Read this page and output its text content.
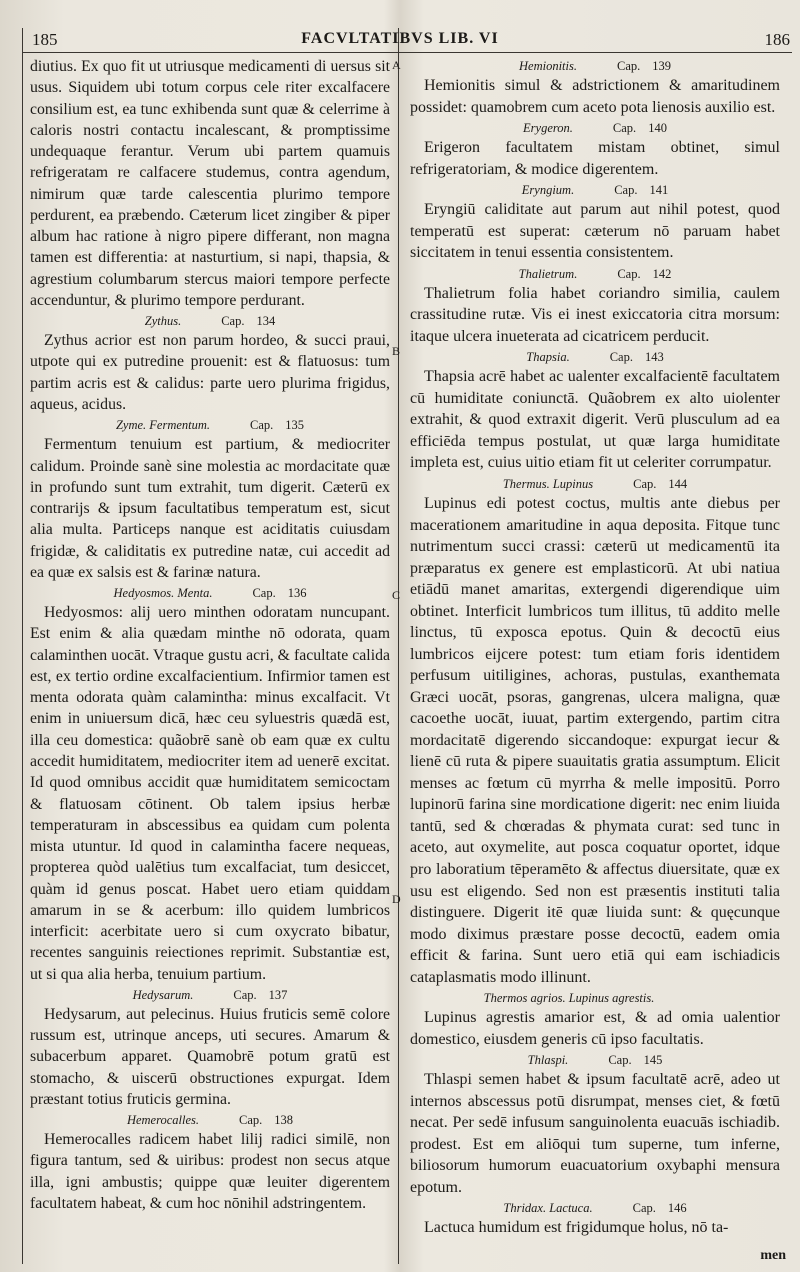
185	FACVLTATIBVS LIB. VI	186
A
B
C
D

diutius. Ex quo fit ut utriusque medicamenti di uersus sit usus. Siquidem ubi totum corpus cele riter excalfacere consilium est, ea tunc exhibenda sunt quæ & celerrime à caloris nostri contactu incalescant, & promptissime undequaque ferantur. Verum ubi partem quamuis refrigeratam re calfacere studemus, contra agendum, nimirum quæ tarde calescentia plurimo tempore perdurent, ea præbendo. Cæterum licet zingiber & piper album hac ratione à nigro pipere differant, non magna tamen est differentia: at nasturtium, si napi, thapsia, & agrestium columbarum stercus maiori tempore perfecte accenduntur, & plurimo tempore perdurant.

Zythus.	Cap. 134

Zythus acrior est non parum hordeo, & succi praui, utpote qui ex putredine prouenit: est & flatuosus: tum partim acris est & calidus: parte uero plurima frigidus, aqueus, acidus.

Zyme. Fermentum.	Cap. 135

Fermentum tenuium est partium, & mediocriter calidum. Proinde sanè sine molestia ac mordacitate quæ in profundo sunt tum extrahit, tum digerit. Cæterū ex contrarijs & ipsum facultatibus temperatum est, sicut alia multa. Particeps nanque est aciditatis cuiusdam frigidæ, & caliditatis ex putredine natæ, cui accedit ad ea quæ ex salsis est & farinæ natura.

Hedyosmos. Menta.	Cap. 136

Hedyosmos: alij uero minthen odoratam nuncupant. Est enim & alia quædam minthe nō odorata, quam calaminthen uocāt. Vtraque gustu acri, & facultate calida est, ex tertio ordine excalfacientium. Infirmior tamen est menta odorata quàm calamintha: minus excalfacit. Vt enim in uniuersum dicā, hæc ceu syluestris quædā est, illa ceu domestica: quãobrē sanè ob eam quæ ex cultu accedit humiditatem, mediocriter item ad uenerē excitat. Id quod omnibus accidit quæ humiditatem semicoctam & flatuosam cōtinent. Ob talem ipsius herbæ temperaturam in abscessibus ea quidam cum polenta mista utuntur. Id quod in calamintha facere nequeas, propterea quòd ualētius tum excalfaciat, tum desiccet, quàm id genus poscat. Habet uero etiam quiddam amarum in se & acerbum: illo quidem lumbricos interficit: acerbitate uero si cum oxycrato bibatur, recentes sanguinis reiectiones reprimit. Substantiæ est, ut si qua alia herba, tenuium partium.

Hedysarum.	Cap. 137

Hedysarum, aut pelecinus. Huius fruticis semē colore russum est, utrinque anceps, uti secures. Amarum & subacerbum apparet. Quamobrē potum gratū est stomacho, & uiscerū obstructiones expurgat. Idem præstant totius fruticis germina.

Hemerocalles.	Cap. 138

Hemerocalles radicem habet lilij radici similē, non figura tantum, sed & uiribus: prodest non secus atque illa, igni ambustis; quippe quæ leuiter digerentem facultatem habeat, & cum hoc nōnihil adstringentem.

Hemionitis.	Cap. 139

Hemionitis simul & adstrictionem & amaritudinem possidet: quamobrem cum aceto pota lienosis auxilio est.

Erygeron.	Cap. 140

Erigeron facultatem mistam obtinet, simul refrigeratoriam, & modice digerentem.

Eryngium.	Cap. 141

Eryngiū caliditate aut parum aut nihil potest, quod temperatū est superat: cæterum nō paruam habet siccitatem in tenui essentia consistentem.

Thalietrum.	Cap. 142

Thalietrum folia habet coriandro similia, caulem crassitudine rutæ. Vis ei inest exiccatoria citra morsum: itaque ulcera inueterata ad cicatricem perducit.

Thapsia.	Cap. 143

Thapsia acrē habet ac ualenter excalfacientē facultatem cū humiditate coniunctā. Quãobrem ex alto uiolenter extrahit, & quod extraxit digerit. Verū plusculum ad ea efficiēda tempus postulat, ut quæ larga humiditate impleta est, cuius uitio etiam fit ut celeriter corrumpatur.

Thermus. Lupinus	Cap. 144

Lupinus edi potest coctus, multis ante diebus per macerationem amaritudine in aqua deposita. Fitque tunc nutrimentum succi crassi: cæterū ut medicamentū ita præparatus ex genere est emplasticorū. At ubi natiua etiādū manet amaritas, extergendi digerendique uim obtinet. Interficit lumbricos tum illitus, tū addito melle linctus, tū exposca epotus. Quin & decoctū eius lumbricos eijcere potest: tum etiam foris identidem perfusum uitiligines, achoras, pustulas, exanthemata Græci uocāt, psoras, gangrenas, ulcera maligna, quæ cacoethe uocāt, iuuat, partim extergendo, partim citra mordacitatē digerendo siccandoque: expurgat iecur & lienē cū ruta & pipere suauitatis gratia assumptum. Elicit menses ac fœtum cū myrrha & melle impositū. Porro lupinorū farina sine mordicatione digerit: nec enim liuida tantū, sed & chœradas & phymata curat: sed tunc in aceto, aut oxymelite, aut posca coquatur oportet, idque pro laboratium tēperamēto & affectus diuersitate, quæ ex usu est eligendo. Sed non est præsentis instituti talia distinguere. Digerit itē quæ liuida sunt: & quęcunque modo diximus præstare posse decoctū, eadem omia efficit & farina. Sunt uero etiā qui eam ischiadicis cataplasmatis modo illinunt.

Thermos agrios. Lupinus agrestis.

Lupinus agrestis amarior est, & ad omia ualentior domestico, eiusdem generis cū ipso facultatis.

Thlaspi.	Cap. 145

Thlaspi semen habet & ipsum facultatē acrē, adeo ut internos abscessus potū disrumpat, menses ciet, & fœtū necat. Per sedē infusum sanguinolenta euacuās ischiadib. prodest. Est em aliōqui tum superne, tum inferne, biliosorum humorum euacuatorium oxybaphi mensura epotum.

Thridax. Lactuca.	Cap. 146

Lactuca humidum est frigidumque holus, nō ta-

men
